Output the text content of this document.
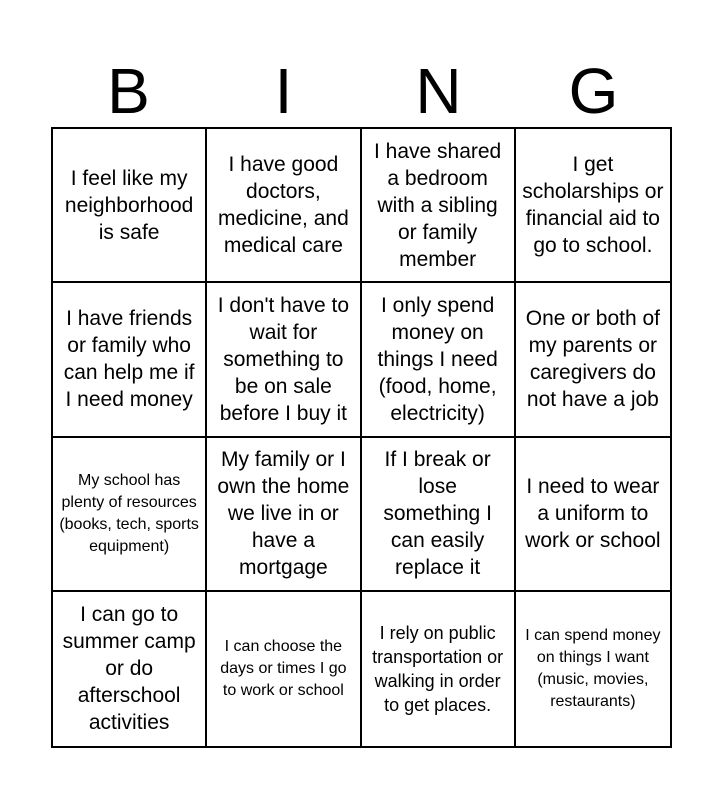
B	I	N	G
I feel like my neighborhood is safe
I have good doctors, medicine, and medical care
I have shared a bedroom with a sibling or family member
I get scholarships or financial aid to go to school.
I have friends or family who can help me if I need money
I don't have to wait for something to be on sale before I buy it
I only spend money on things I need (food, home, electricity)
One or both of my parents or caregivers do not have a job
My school has plenty of resources (books, tech, sports equipment)
My family or I own the home we live in or have a mortgage
If I break or lose something I can easily replace it
I need to wear a uniform to work or school
I can go to summer camp or do afterschool activities
I can choose the days or times I go to work or school
I rely on public transportation or walking in order to get places.
I can spend money on things I want (music, movies, restaurants)
